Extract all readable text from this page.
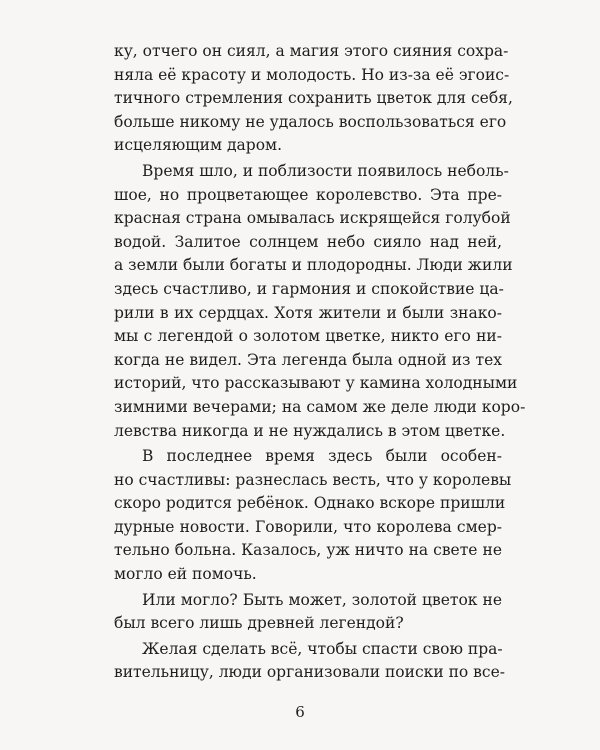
ку, отчего он сиял, а магия этого сияния сохра-
няла её красоту и молодость. Но из-за её эгоис-
тичного стремления сохранить цветок для себя,
больше никому не удалось воспользоваться его
исцеляющим даром.
Время шло, и поблизости появилось неболь-
шое, но процветающее королевство. Эта пре-
красная страна омывалась искрящейся голубой
водой. Залитое солнцем небо сияло над ней,
а земли были богаты и плодородны. Люди жили
здесь счастливо, и гармония и спокойствие ца-
рили в их сердцах. Хотя жители и были знако-
мы с легендой о золотом цветке, никто его ни-
когда не видел. Эта легенда была одной из тех
историй, что рассказывают у камина холодными
зимними вечерами; на самом же деле люди коро-
левства никогда и не нуждались в этом цветке.
В последнее время здесь были особен-
но счастливы: разнеслась весть, что у королевы
скоро родится ребёнок. Однако вскоре пришли
дурные новости. Говорили, что королева смер-
тельно больна. Казалось, уж ничто на свете не
могло ей помочь.
Или могло? Быть может, золотой цветок не
был всего лишь древней легендой?
Желая сделать всё, чтобы спасти свою пра-
вительницу, люди организовали поиски по все-
6
